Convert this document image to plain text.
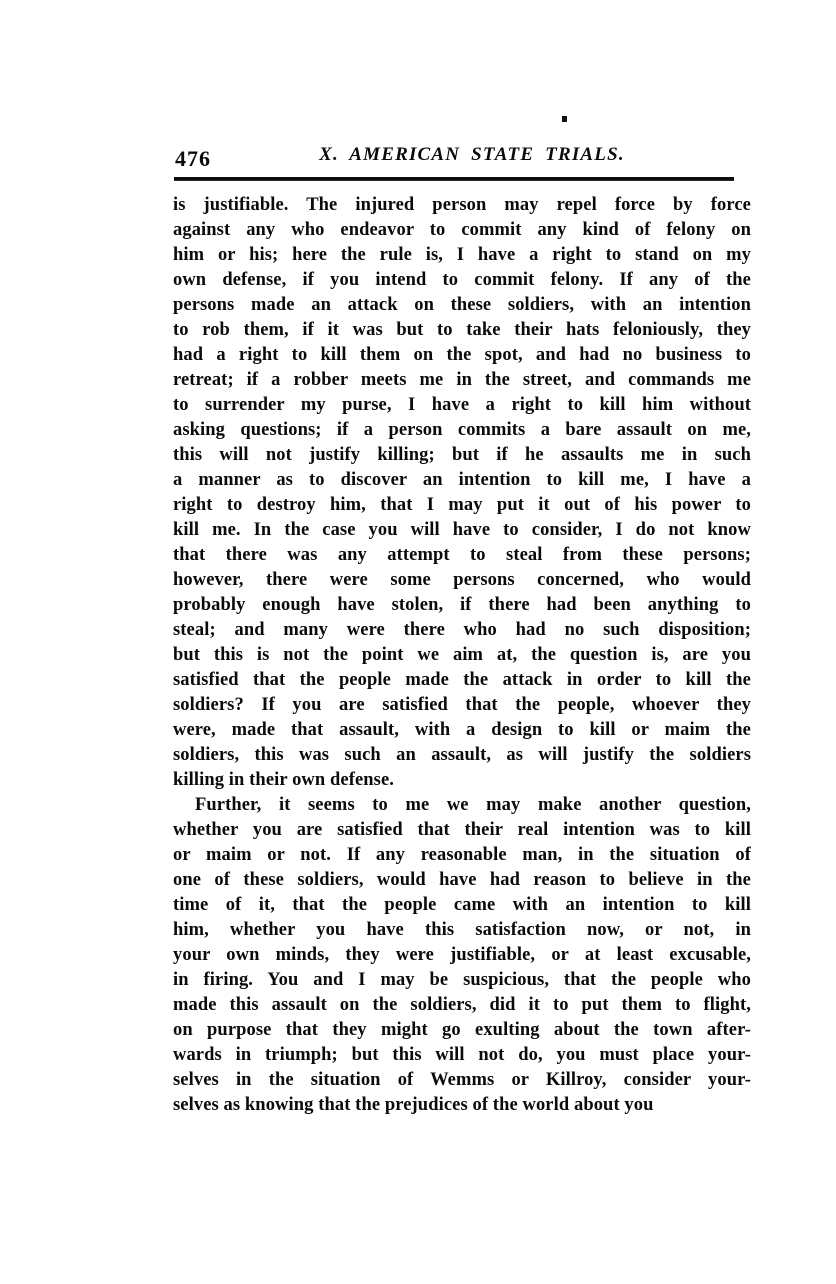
476	X. AMERICAN STATE TRIALS.
is justifiable. The injured person may repel force by force
against any who endeavor to commit any kind of felony on
him or his; here the rule is, I have a right to stand on my
own defense, if you intend to commit felony. If any of the
persons made an attack on these soldiers, with an intention
to rob them, if it was but to take their hats feloniously, they
had a right to kill them on the spot, and had no business to
retreat; if a robber meets me in the street, and commands me
to surrender my purse, I have a right to kill him without
asking questions; if a person commits a bare assault on me,
this will not justify killing; but if he assaults me in such
a manner as to discover an intention to kill me, I have a
right to destroy him, that I may put it out of his power to
kill me. In the case you will have to consider, I do not know
that there was any attempt to steal from these persons;
however, there were some persons concerned, who would
probably enough have stolen, if there had been anything to
steal; and many were there who had no such disposition;
but this is not the point we aim at, the question is, are you
satisfied that the people made the attack in order to kill the
soldiers? If you are satisfied that the people, whoever they
were, made that assault, with a design to kill or maim the
soldiers, this was such an assault, as will justify the soldiers
killing in their own defense.
Further, it seems to me we may make another question,
whether you are satisfied that their real intention was to kill
or maim or not. If any reasonable man, in the situation of
one of these soldiers, would have had reason to believe in the
time of it, that the people came with an intention to kill
him, whether you have this satisfaction now, or not, in
your own minds, they were justifiable, or at least excusable,
in firing. You and I may be suspicious, that the people who
made this assault on the soldiers, did it to put them to flight,
on purpose that they might go exulting about the town after-
wards in triumph; but this will not do, you must place your-
selves in the situation of Wemms or Killroy, consider your-
selves as knowing that the prejudices of the world about you
